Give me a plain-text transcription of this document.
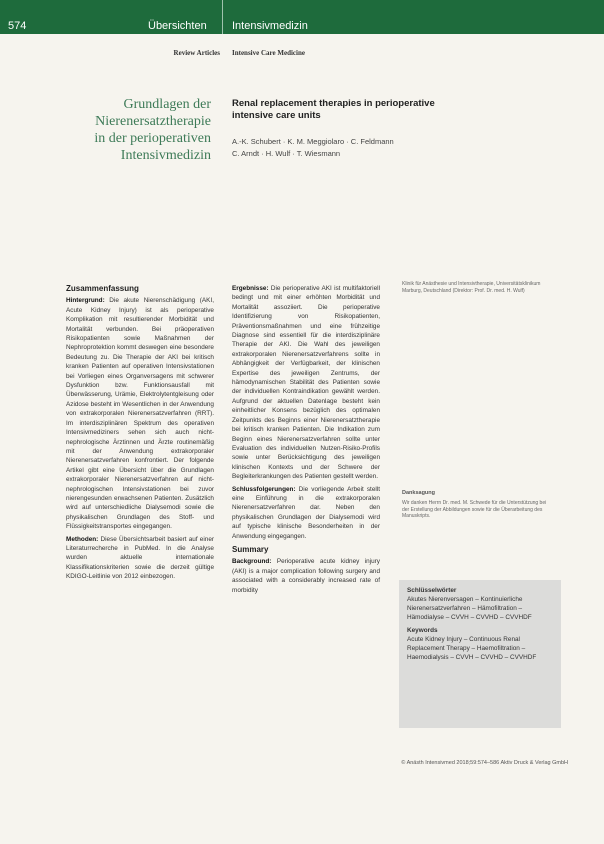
574	Übersichten Intensivmedizin
Review Articles Intensive Care Medicine
Grundlagen der
Nierenersatztherapie
in der perioperativen
Intensivmedizin
Renal replacement therapies in perioperative
intensive care units
A.-K. Schubert · K. M. Meggiolaro · C. Feldmann
C. Arndt · H. Wulf · T. Wiesmann
Zusammenfassung

Hintergrund: Die akute Nierenschädigung (AKI, Acute Kidney Injury) ist als perioperative Komplikation mit resultierender Morbidität und Mortalität verbunden. Bei präoperativen Risikopatienten sowie Maßnahmen der Nephroprotektion kommt deswegen eine besondere Bedeutung zu. Die Therapie der AKI bei kritisch kranken Patienten auf operativen Intensivstationen bei Vorliegen eines Organversagens mit schwerer Dysfunktion bzw. Funktionsausfall mit Überwässerung, Urämie, Elektrolytentgleisung oder Azidose besteht im Wesentlichen in der Anwendung von extrakorporalen Nierenersatzverfahren (RRT). Im interdisziplinären Spektrum des operativen Intensivmediziners sehen sich auch nicht-nephrologische Ärztinnen und Ärzte routinemäßig mit der Anwendung extrakorporaler Nierenersatzverfahren konfrontiert. Der folgende Artikel gibt eine Übersicht über die Grundlagen extrakorporaler Nierenersatzverfahren auf nicht-nephrologischen Intensivstationen bei zuvor nierengesunden erwachsenen Patienten. Zusätzlich wird auf unterschiedliche Dialysemodi sowie die physikalischen Grundlagen des Stoff- und Flüssigkeitstransportes eingegangen.

Methoden: Diese Übersichtsarbeit basiert auf einer Literaturrecherche in PubMed. In die Analyse wurden aktuelle internationale Klassifikationskriterien sowie die derzeit gültige KDIGO-Leitlinie von 2012 einbezogen.

Ergebnisse: Die perioperative AKI ist multifaktoriell bedingt und mit einer erhöhten Morbidität und Mortalität assoziiert. Die perioperative Identifizierung von Risikopatienten, Präventionsmaßnahmen und eine frühzeitige Diagnose sind essentiell für die interdisziplinäre Therapie der AKI. Die Wahl des jeweiligen extrakorporalen Nierenersatzverfahrens sollte in Abhängigkeit der Verfügbarkeit, der klinischen Expertise des jeweiligen Zentrums, der hämodynamischen Stabilität des Patienten sowie der individuellen Kontraindikation gewählt werden. Aufgrund der aktuellen Datenlage besteht kein einheitlicher Konsens bezüglich des optimalen Zeitpunkts des Beginns einer Nierenersatztherapie bei kritisch kranken Patienten. Die Indikation zum Beginn eines Nierenersatzverfahren sollte unter Evaluation des individuellen Nutzen-Risiko-Profils sowie unter Berücksichtigung des jeweiligen klinischen Kontexts und der Schwere der Begleiterkrankungen des Patienten gestellt werden.

Schlussfolgerungen: Die vorliegende Arbeit stellt eine Einführung in die extrakorporalen Nierenersatzverfahren dar. Neben den physikalischen Grundlagen der Dialysemodi wird auf typische klinische Besonderheiten in der Anwendung eingegangen.

Summary

Background: Perioperative acute kidney injury (AKI) is a major complication following surgery and associated with a considerably increased rate of morbidity

Klinik für Anästhesie und Intensivtherapie, Universitätsklinikum Marburg, Deutschland (Direktor: Prof. Dr. med. H. Wulf)
Danksagung
Wir danken Herrn Dr. med. M. Schwede für die Unterstützung bei der Erstellung der Abbildungen sowie für die Überarbeitung des Manuskripts.
Schlüsselwörter
Akutes Nierenversagen – Kontinuierliche Nierenersatzverfahren – Hämofiltration – Hämodialyse – CVVH – CVVHD – CVVHDF
Keywords
Acute Kidney Injury – Continuous Renal Replacement Therapy – Haemofiltration – Haemodialysis – CVVH – CVVHD – CVVHDF
© Anästh Intensivmed 2018;59:574–586 Aktiv Druck & Verlag GmbH
